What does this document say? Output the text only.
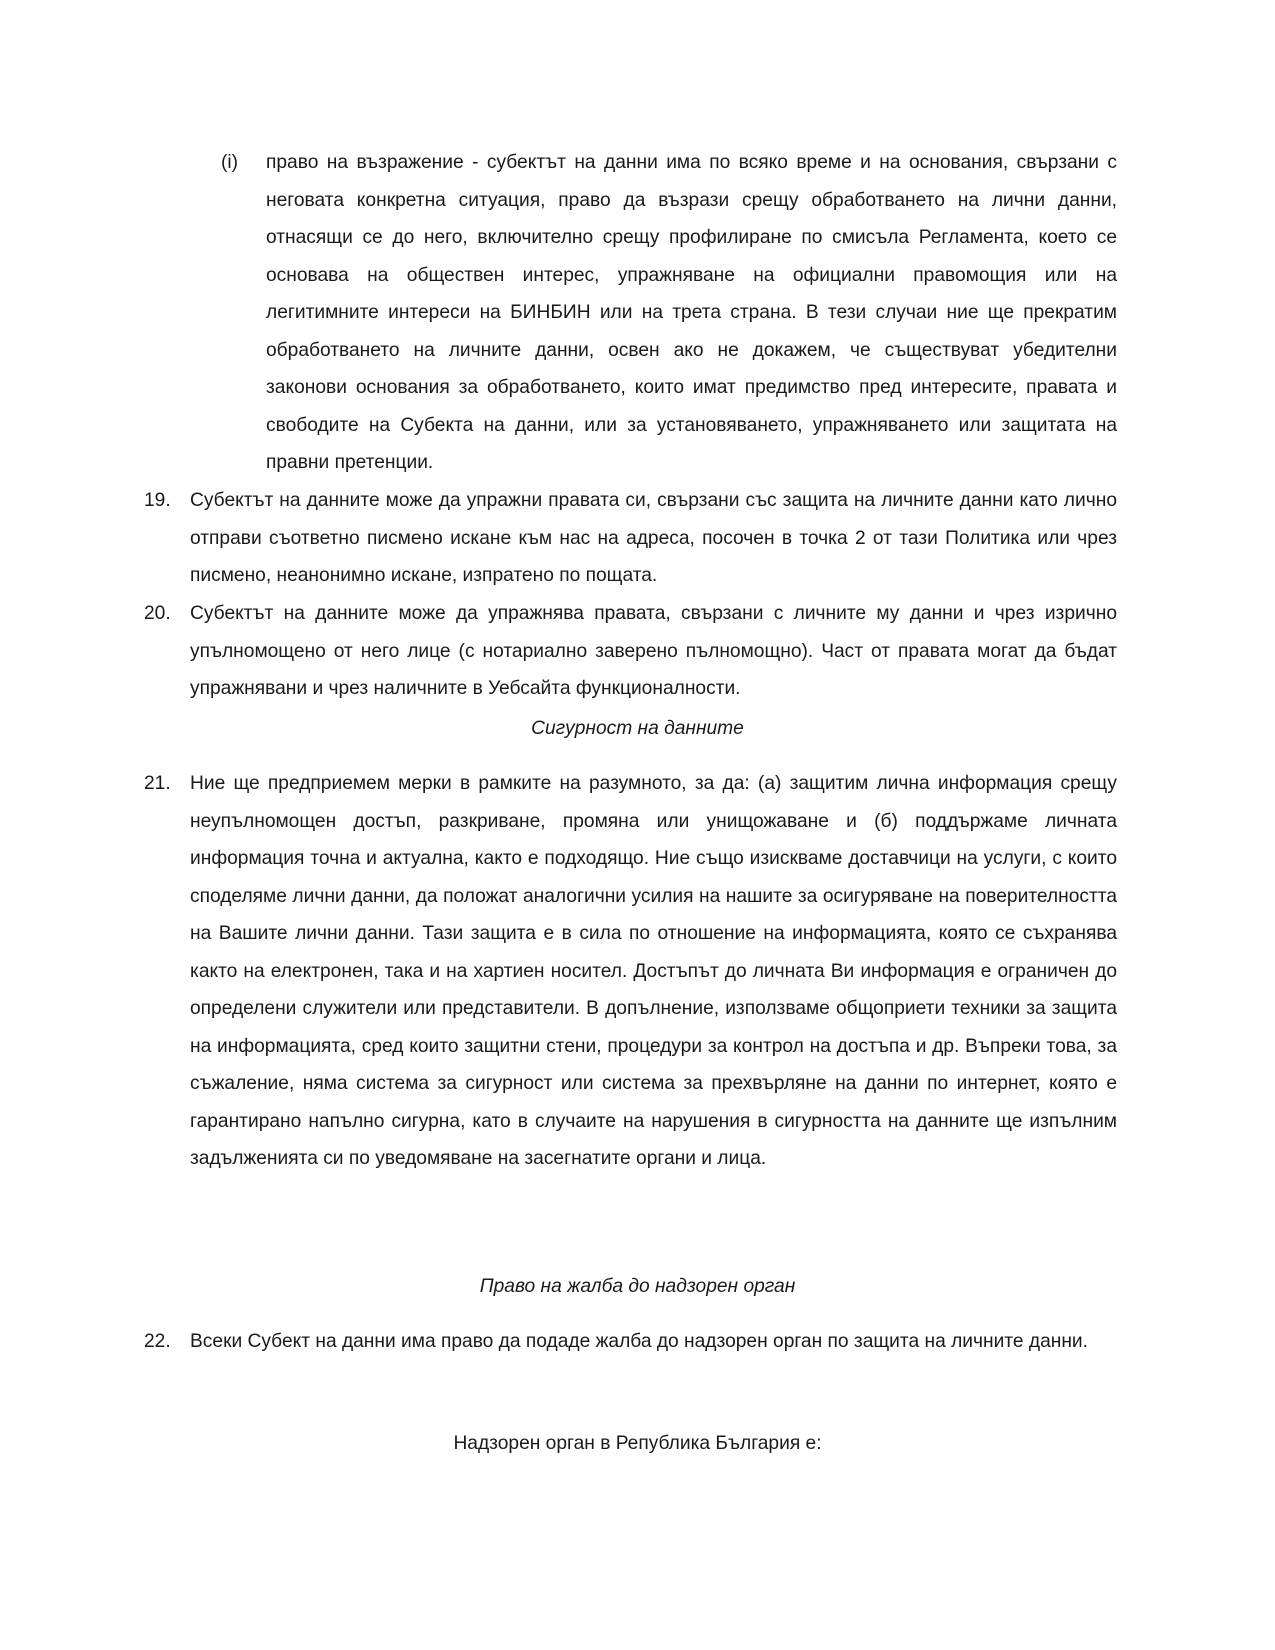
(i) право на възражение - субектът на данни има по всяко време и на основания, свързани с неговата конкретна ситуация, право да възрази срещу обработването на лични данни, отнасящи се до него, включително срещу профилиране по смисъла Регламента, което се основава на обществен интерес, упражняване на официални правомощия или на легитимните интереси на БИНБИН или на трета страна. В тези случаи ние ще прекратим обработването на личните данни, освен ако не докажем, че съществуват убедителни законови основания за обработването, които имат предимство пред интересите, правата и свободите на Субекта на данни, или за установяването, упражняването или защитата на правни претенции.

19. Субектът на данните може да упражни правата си, свързани със защита на личните данни като лично отправи съответно писмено искане към нас на адреса, посочен в точка 2 от тази Политика или чрез писмено, неанонимно искане, изпратено по пощата.

20. Субектът на данните може да упражнява правата, свързани с личните му данни и чрез изрично упълномощено от него лице (с нотариално заверено пълномощно). Част от правата могат да бъдат упражнявани и чрез наличните в Уебсайта функционалности.

Сигурност на данните

21. Ние ще предприемем мерки в рамките на разумното, за да: (а) защитим лична информация срещу неупълномощен достъп, разкриване, промяна или унищожаване и (б) поддържаме личната информация точна и актуална, както е подходящо. Ние също изискваме доставчици на услуги, с които споделяме лични данни, да положат аналогични усилия на нашите за осигуряване на поверителността на Вашите лични данни. Тази защита е в сила по отношение на информацията, която се съхранява както на електронен, така и на хартиен носител. Достъпът до личната Ви информация е ограничен до определени служители или представители. В допълнение, използваме общоприети техники за защита на информацията, сред които защитни стени, процедури за контрол на достъпа и др. Въпреки това, за съжаление, няма система за сигурност или система за прехвърляне на данни по интернет, която е гарантирано напълно сигурна, като в случаите на нарушения в сигурността на данните ще изпълним задълженията си по уведомяване на засегнатите органи и лица.

Право на жалба до надзорен орган

22. Всеки Субект на данни има право да подаде жалба до надзорен орган по защита на личните данни.

Надзорен орган в Република България е:
